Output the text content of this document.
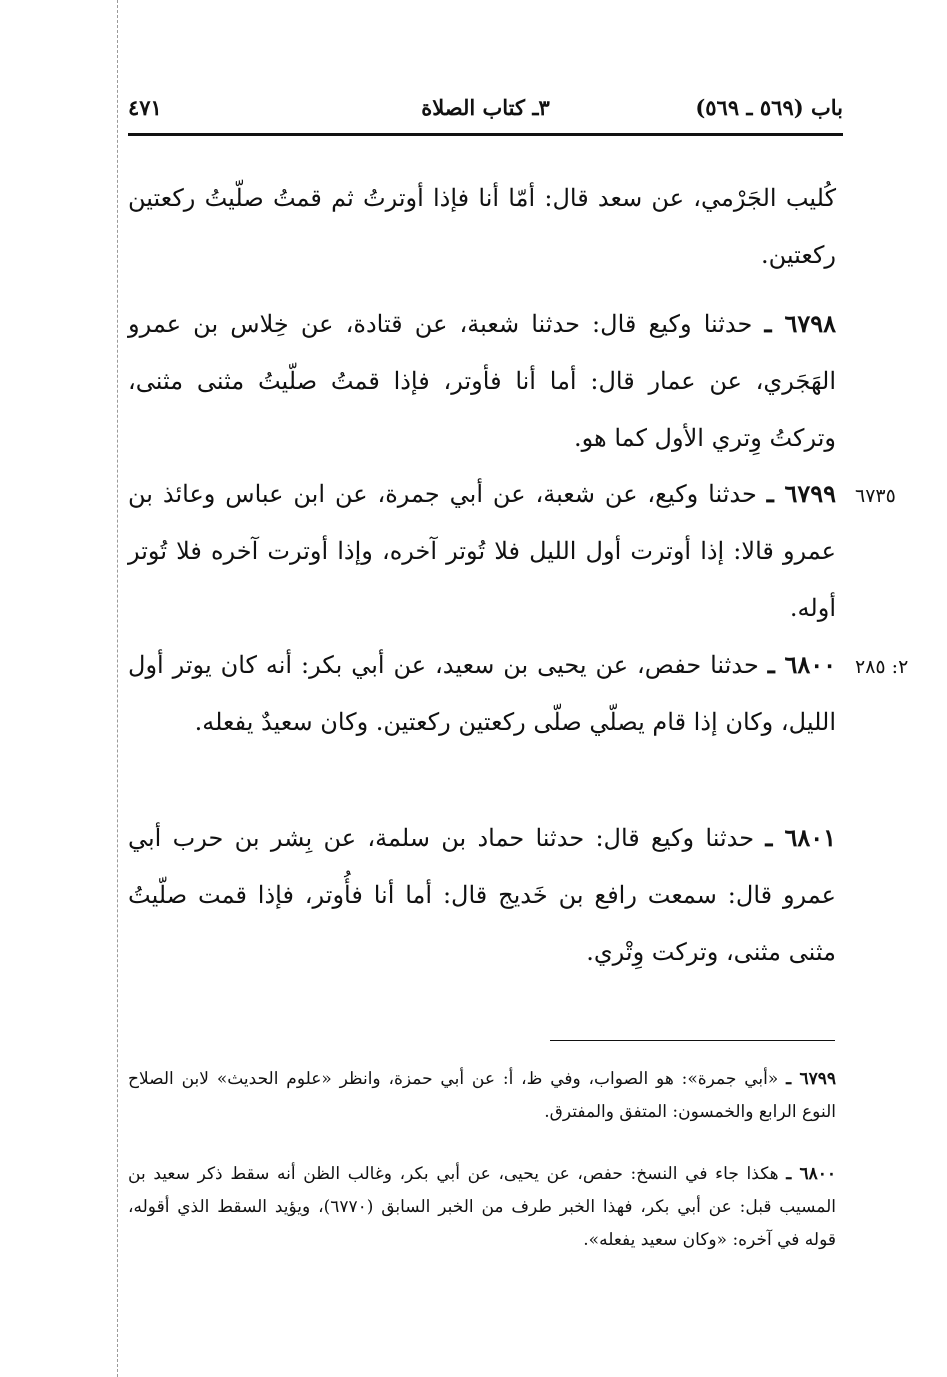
باب (٥٦٩ ـ ٥٦٩)
٣ـ كتاب الصلاة
٤٧١
كُليب الجَرْمي، عن سعد قال: أمّا أنا فإذا أوترتُ ثم قمتُ صلّيتُ ركعتين ركعتين.
٦٧٩٨ ـ حدثنا وكيع قال: حدثنا شعبة، عن قتادة، عن خِلاس بن عمرو الهَجَري، عن عمار قال: أما أنا فأوتر، فإذا قمتُ صلّيتُ مثنى مثنى، وتركتُ وِتري الأول كما هو.
٦٧٩٩ ـ حدثنا وكيع، عن شعبة، عن أبي جمرة، عن ابن عباس وعائذ بن عمرو قالا: إذا أوترت أول الليل فلا تُوتر آخره، وإذا أوترت آخره فلا تُوتر أوله.
٦٧٣٥
٦٨٠٠ ـ حدثنا حفص، عن يحيى بن سعيد، عن أبي بكر: أنه كان يوتر أول الليل، وكان إذا قام يصلّي صلّى ركعتين ركعتين. وكان سعيدٌ يفعله.
٢: ٢٨٥
٦٨٠١ ـ حدثنا وكيع قال: حدثنا حماد بن سلمة، عن بِشر بن حرب أبي عمرو قال: سمعت رافع بن خَديج قال: أما أنا فأُوتر، فإذا قمت صلّيتُ مثنى مثنى، وتركت وِتْري.
٦٧٩٩ ـ «أبي جمرة»: هو الصواب، وفي ظ، أ: عن أبي حمزة، وانظر «علوم الحديث» لابن الصلاح النوع الرابع والخمسون: المتفق والمفترق.
٦٨٠٠ ـ هكذا جاء في النسخ: حفص، عن يحيى، عن أبي بكر، وغالب الظن أنه سقط ذكر سعيد بن المسيب قبل: عن أبي بكر، فهذا الخبر طرف من الخبر السابق (٦٧٧٠)، ويؤيد السقط الذي أقوله، قوله في آخره: «وكان سعيد يفعله».
